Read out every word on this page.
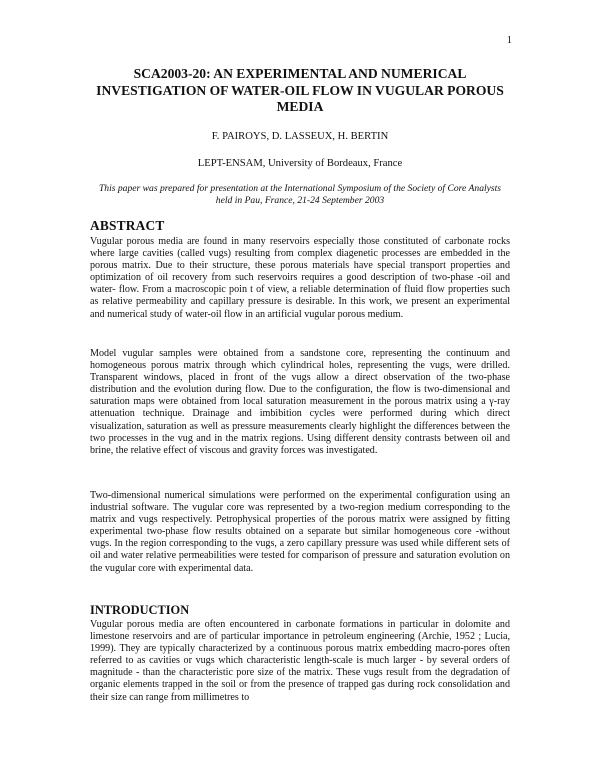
1
SCA2003-20: AN EXPERIMENTAL AND NUMERICAL INVESTIGATION OF WATER-OIL FLOW IN VUGULAR POROUS MEDIA
F. PAIROYS, D. LASSEUX, H. BERTIN
LEPT-ENSAM, University of Bordeaux, France
This paper was prepared for presentation at the International Symposium of the Society of Core Analysts held in Pau, France, 21-24 September 2003
ABSTRACT

Vugular porous media are found in many reservoirs especially those constituted of carbonate rocks where large cavities (called vugs) resulting from complex diagenetic processes are embedded in the porous matrix. Due to their structure, these porous materials have special transport properties and optimization of oil recovery from such reservoirs requires a good description of two-phase -oil and water- flow. From a macroscopic poin t of view, a reliable determination of fluid flow properties such as relative permeability and capillary pressure is desirable. In this work, we present an experimental and numerical study of water-oil flow in an artificial vugular porous medium.

Model vugular samples were obtained from a sandstone core, representing the continuum and homogeneous porous matrix through which cylindrical holes, representing the vugs, were drilled. Transparent windows, placed in front of the vugs allow a direct observation of the two-phase distribution and the evolution during flow. Due to the configuration, the flow is two-dimensional and saturation maps were obtained from local saturation measurement in the porous matrix using a γ-ray attenuation technique. Drainage and imbibition cycles were performed during which direct visualization, saturation as well as pressure measurements clearly highlight the differences between the two processes in the vug and in the matrix regions. Using different density contrasts between oil and brine, the relative effect of viscous and gravity forces was investigated.

Two-dimensional numerical simulations were performed on the experimental configuration using an industrial software. The vugular core was represented by a two-region medium corresponding to the matrix and vugs respectively. Petrophysical properties of the porous matrix were assigned by fitting experimental two-phase flow results obtained on a separate but similar homogeneous core -without vugs. In the region corresponding to the vugs, a zero capillary pressure was used while different sets of oil and water relative permeabilities were tested for comparison of pressure and saturation evolution on the vugular core with experimental data.

INTRODUCTION

Vugular porous media are often encountered in carbonate formations in particular in dolomite and limestone reservoirs and are of particular importance in petroleum engineering (Archie, 1952 ; Lucia, 1999). They are typically characterized by a continuous porous matrix embedding macro-pores often referred to as cavities or vugs which characteristic length-scale is much larger - by several orders of magnitude - than the characteristic pore size of the matrix. These vugs result from the degradation of organic elements trapped in the soil or from the presence of trapped gas during rock consolidation and their size can range from millimetres to
